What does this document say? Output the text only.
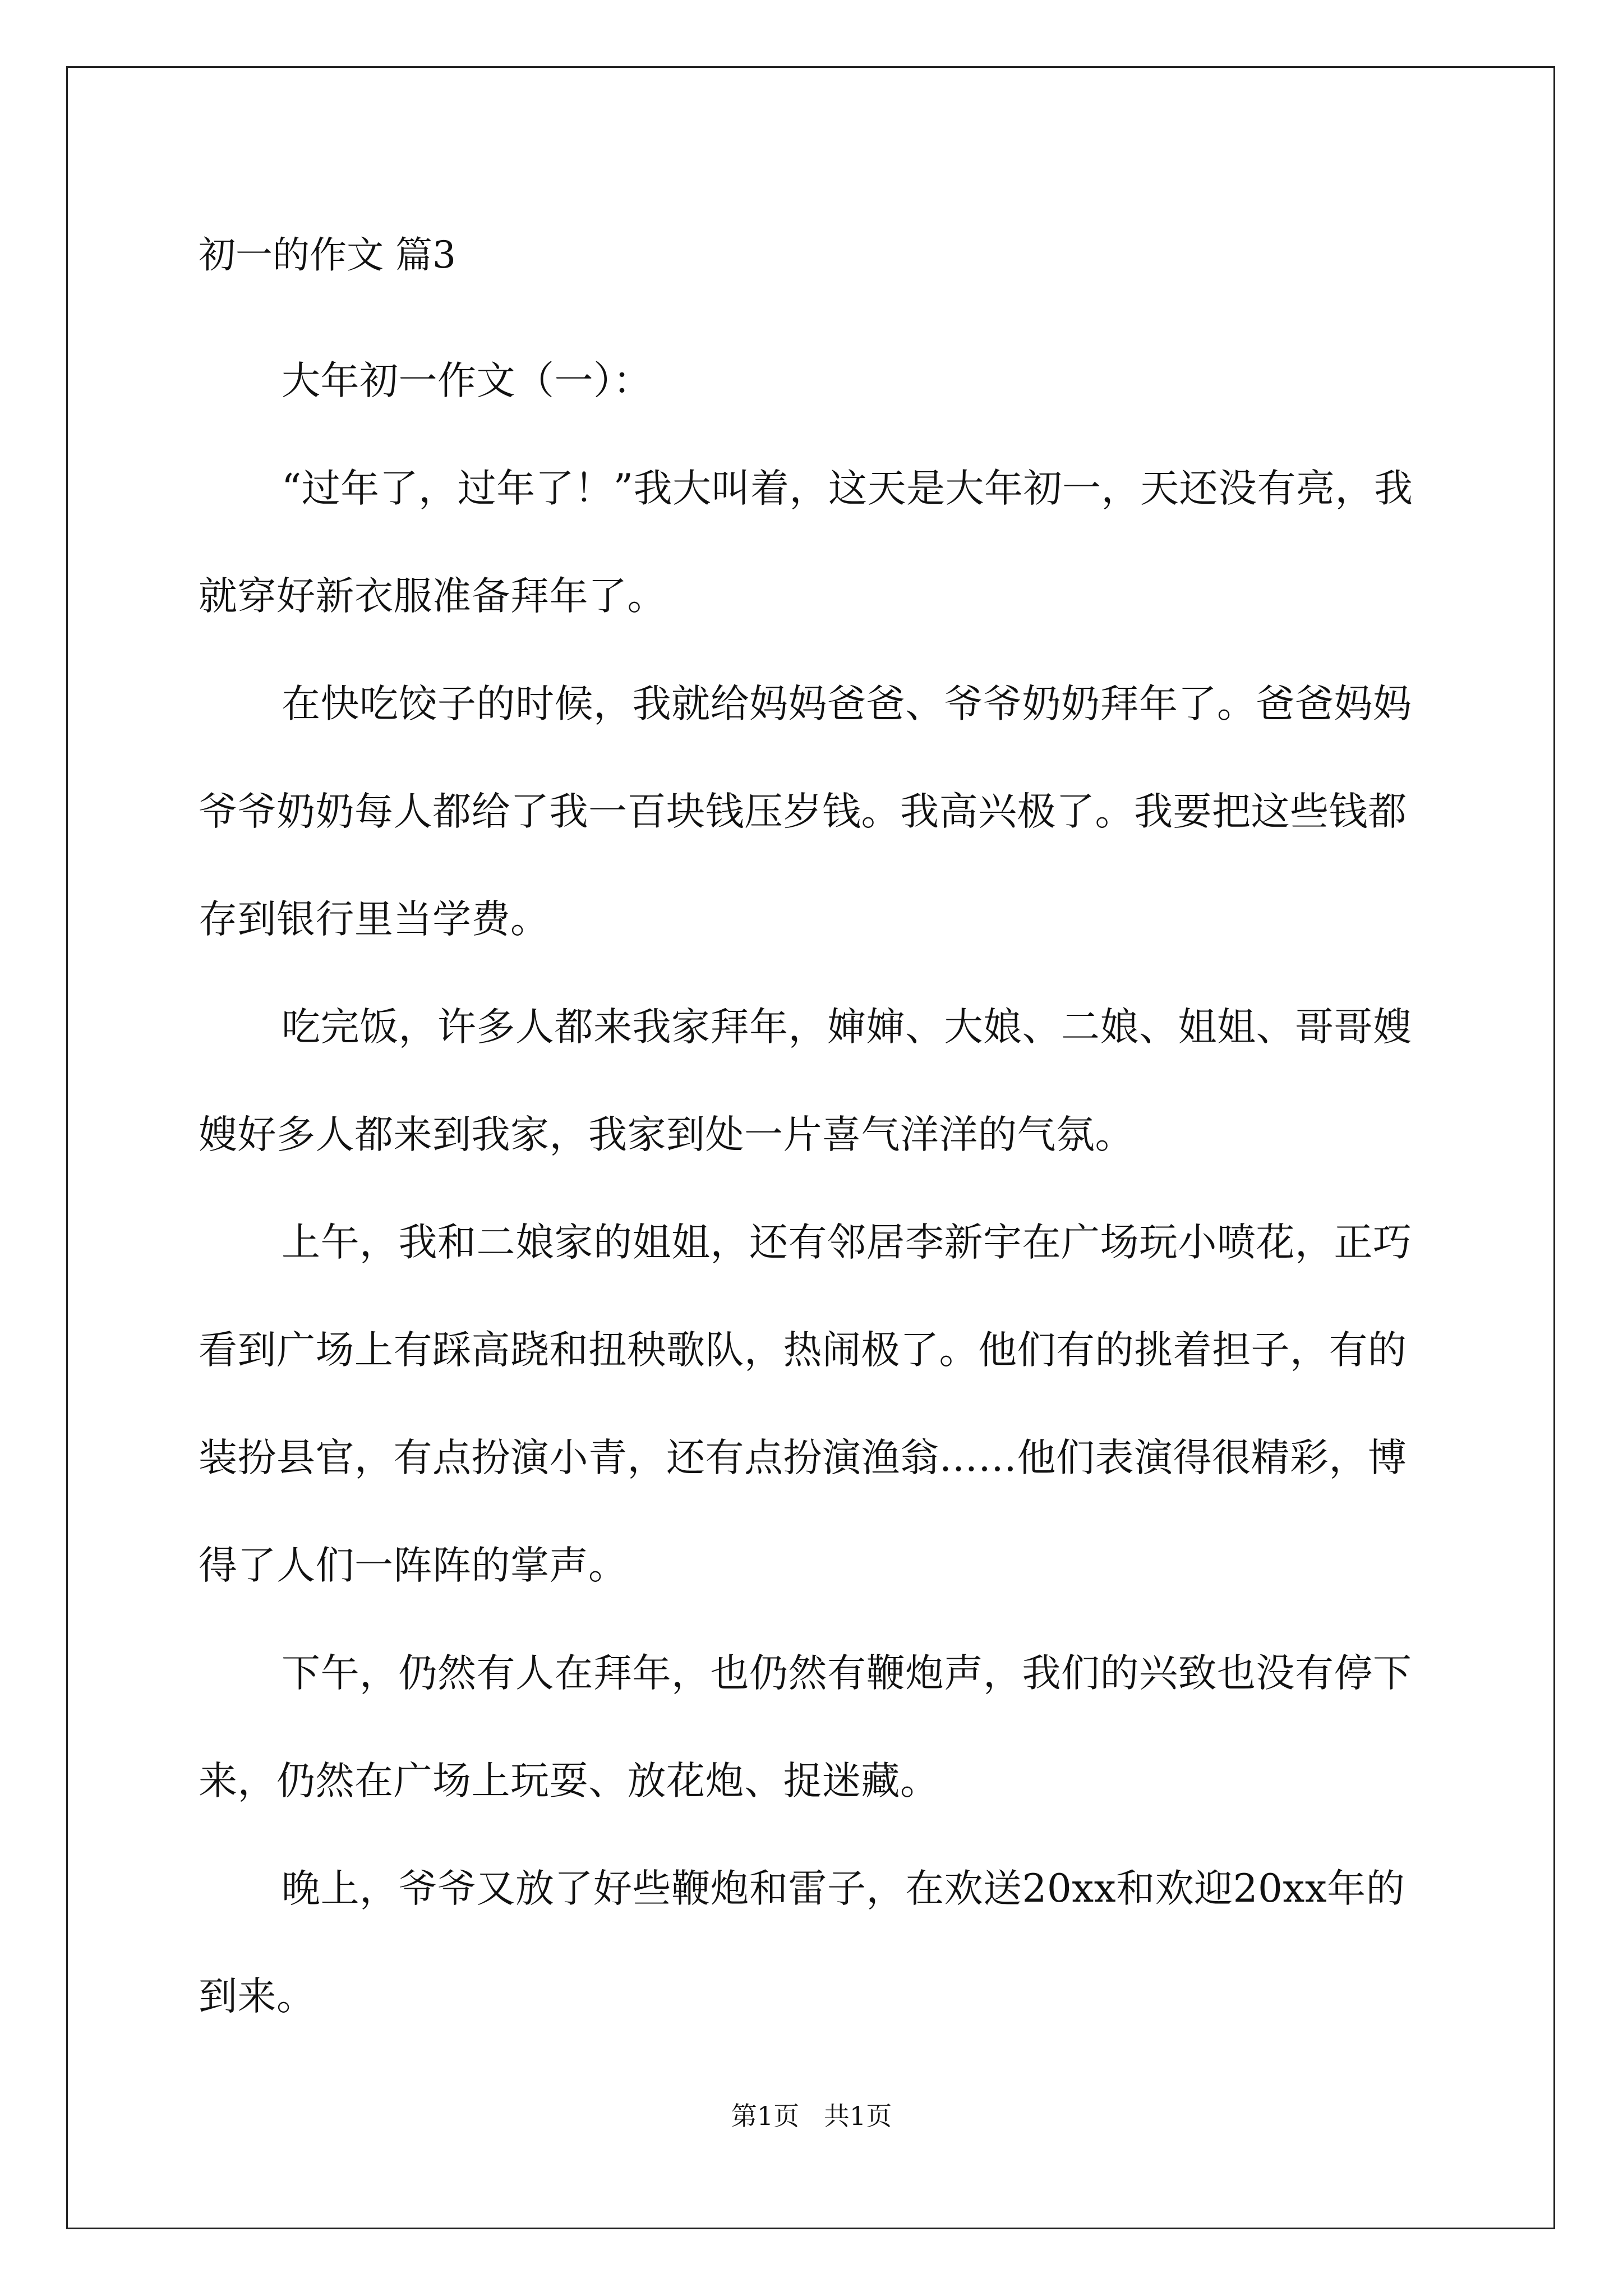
初一的作文 篇3

大年初一作文（一）：

“过年了，过年了！”我大叫着，这天是大年初一，天还没有亮，我就穿好新衣服准备拜年了。

在快吃饺子的时候，我就给妈妈爸爸、爷爷奶奶拜年了。爸爸妈妈爷爷奶奶每人都给了我一百块钱压岁钱。我高兴极了。我要把这些钱都存到银行里当学费。

吃完饭，许多人都来我家拜年，婶婶、大娘、二娘、姐姐、哥哥嫂嫂好多人都来到我家，我家到处一片喜气洋洋的气氛。

上午，我和二娘家的姐姐，还有邻居李新宇在广场玩小喷花，正巧看到广场上有踩高跷和扭秧歌队，热闹极了。他们有的挑着担子，有的装扮县官，有点扮演小青，还有点扮演渔翁……他们表演得很精彩，博得了人们一阵阵的掌声。

下午，仍然有人在拜年，也仍然有鞭炮声，我们的兴致也没有停下来，仍然在广场上玩耍、放花炮、捉迷藏。

晚上，爷爷又放了好些鞭炮和雷子，在欢送20xx和欢迎20xx年的到来。

第1页   共1页
